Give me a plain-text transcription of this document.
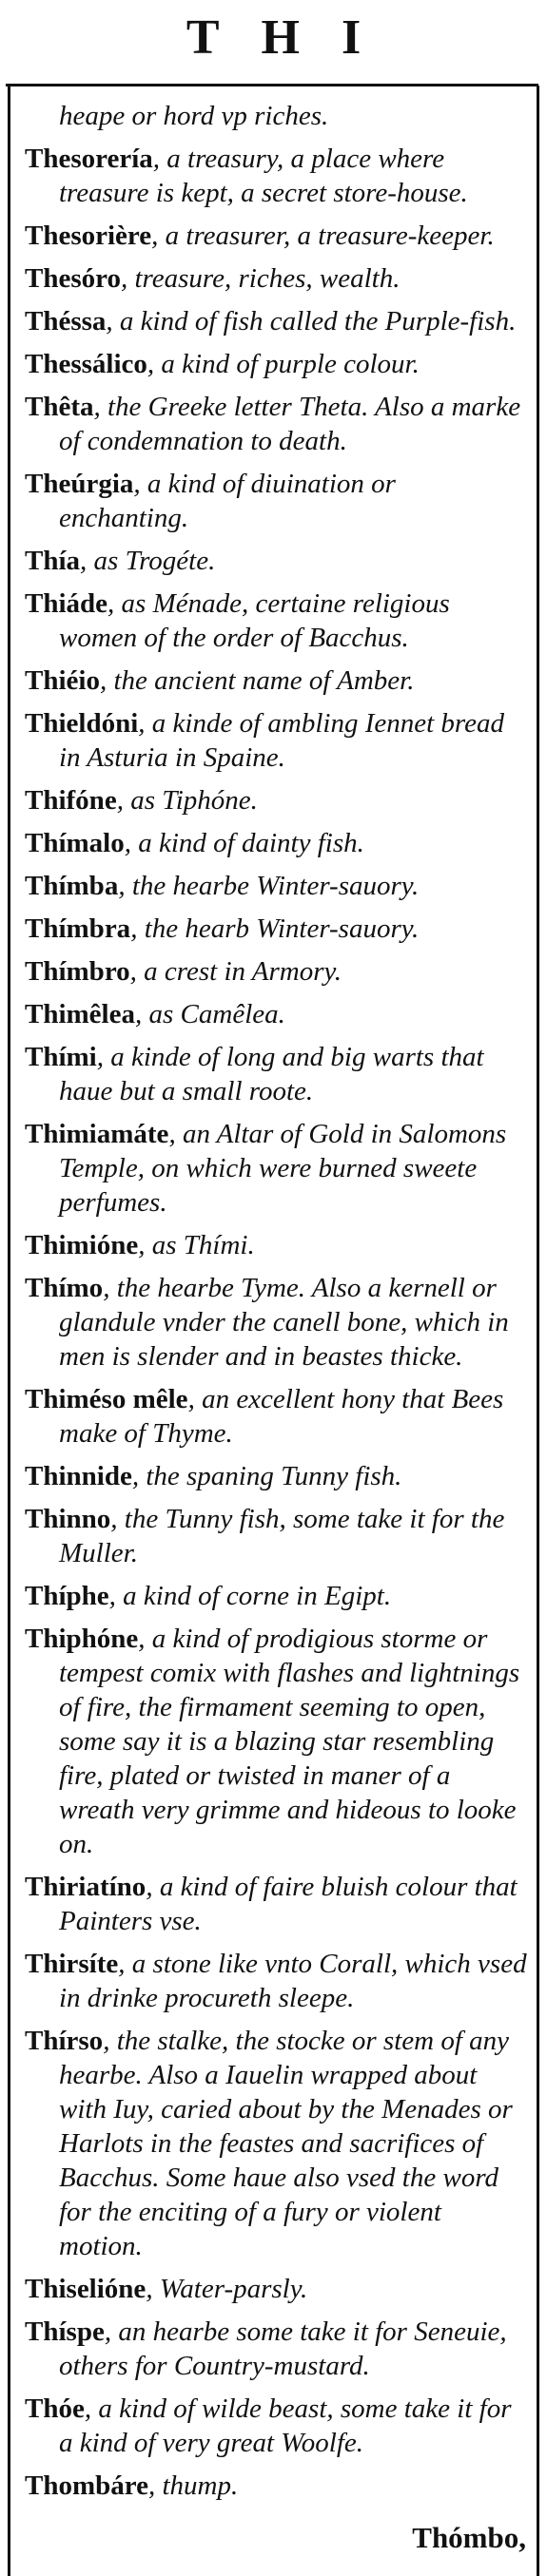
THI
heape or hord vp riches.
Thesorería, a treasury, a place where treasure is kept, a secret store-house.
Thesorière, a treasurer, a treasure-keeper.
Thesóro, treasure, riches, wealth.
Théssa, a kind of fish called the Purple-fish.
Thessálico, a kind of purple colour.
Thêta, the Greeke letter Theta. Also a marke of condemnation to death.
Theúrgia, a kind of diuination or enchanting.
Thía, as Trogéte.
Thiáde, as Ménade, certaine religious women of the order of Bacchus.
Thiéio, the ancient name of Amber.
Thieldóni, a kinde of ambling Iennet bread in Asturia in Spaine.
Thifóne, as Tiphóne.
Thímalo, a kind of dainty fish.
Thímba, the hearbe Winter-sauory.
Thímbra, the hearb Winter-sauory.
Thímbro, a crest in Armory.
Thimêlea, as Camêlea.
Thími, a kinde of long and big warts that haue but a small roote.
Thimiamáte, an Altar of Gold in Salomons Temple, on which were burned sweete perfumes.
Thimióne, as Thími.
Thímo, the hearbe Tyme. Also a kernell or glandule vnder the canell bone, which in men is slender and in beastes thicke.
Thiméso mêle, an excellent hony that Bees make of Thyme.
Thinnide, the spaning Tunny fish.
Thinno, the Tunny fish, some take it for the Muller.
Thíphe, a kind of corne in Egipt.
Thiphóne, a kind of prodigious storme or tempest comix with flashes and lightnings of fire, the firmament seeming to open, some say it is a blazing star resembling fire, plated or twisted in maner of a wreath very grimme and hideous to looke on.
Thiriatíno, a kind of faire bluish colour that Painters vse.
Thirsíte, a stone like vnto Corall, which vsed in drinke procureth sleepe.
Thírso, the stalke, the stocke or stem of any hearbe. Also a Iauelin wrapped about with Iuy, caried about by the Menades or Harlots in the feastes and sacrifices of Bacchus. Some haue also vsed the word for the enciting of a fury or violent motion.
Thiselióne, Water-parsly.
Thíspe, an hearbe some take it for Seneuie, others for Country-mustard.
Thóe, a kind of wilde beast, some take it for a kind of very great Woolfe.
Thombáre, thump.
Thómbo,
